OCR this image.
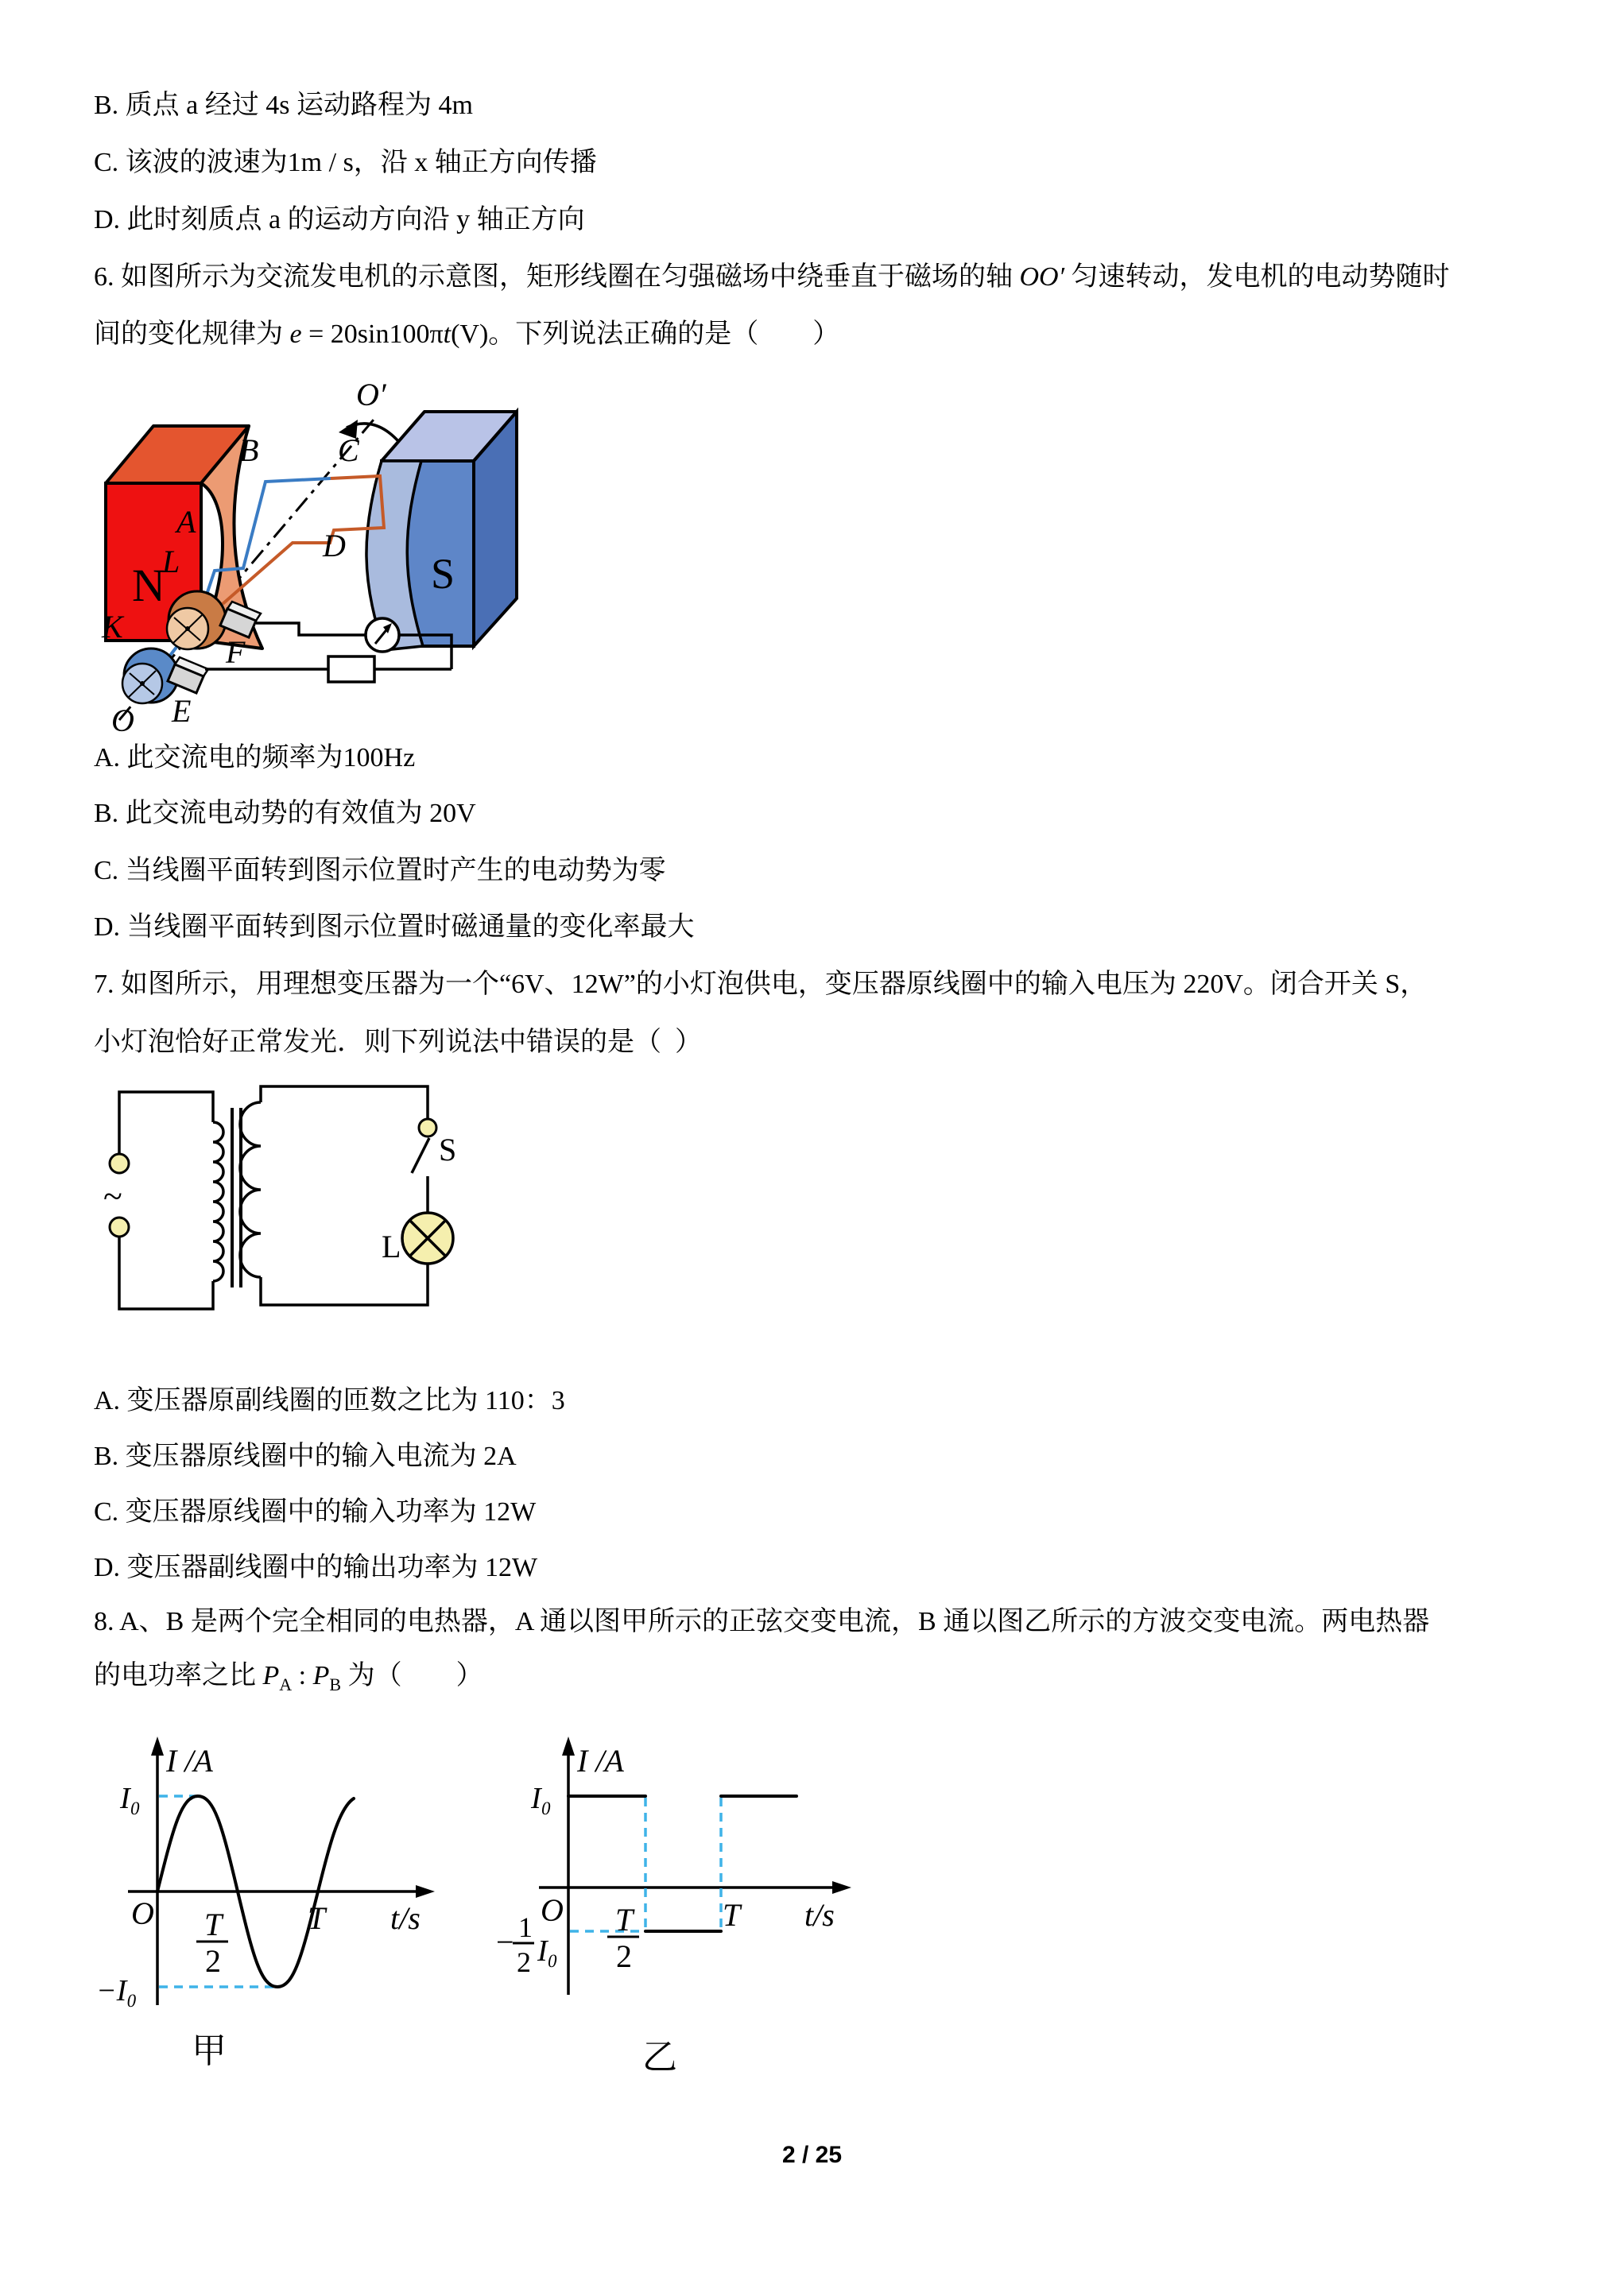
B. 质点 a 经过 4s 运动路程为 4m
C. 该波的波速为1m / s，沿 x 轴正方向传播
D. 此时刻质点 a 的运动方向沿 y 轴正方向
6. 如图所示为交流发电机的示意图，矩形线圈在匀强磁场中绕垂直于磁场的轴 OO′ 匀速转动，发电机的电动势随时
间的变化规律为 e = 20sin100πt(V)。下列说法正确的是（　　）
N	S
O′
B C
A
L	D
K
F
E
O
A. 此交流电的频率为100Hz
B. 此交流电动势的有效值为 20V
C. 当线圈平面转到图示位置时产生的电动势为零
D. 当线圈平面转到图示位置时磁通量的变化率最大
7. 如图所示，用理想变压器为一个“6V、12W”的小灯泡供电，变压器原线圈中的输入电压为 220V。闭合开关 S，
小灯泡恰好正常发光．则下列说法中错误的是（  ）
~
S
L
A. 变压器原副线圈的匝数之比为 110：3
B. 变压器原线圈中的输入电流为 2A
C. 变压器原线圈中的输入功率为 12W
D. 变压器副线圈中的输出功率为 12W
8. A、B 是两个完全相同的电热器，A 通以图甲所示的正弦交变电流，B 通以图乙所示的方波交变电流。两电热器
的电功率之比 $P_A$ : $P_B$ 为（　　）
I /A
I₀
O T
2
T t/s
−I₀
甲
I /A
I₀
O T
2
T t/s
− 1
2 I₀
乙
2 / 25
